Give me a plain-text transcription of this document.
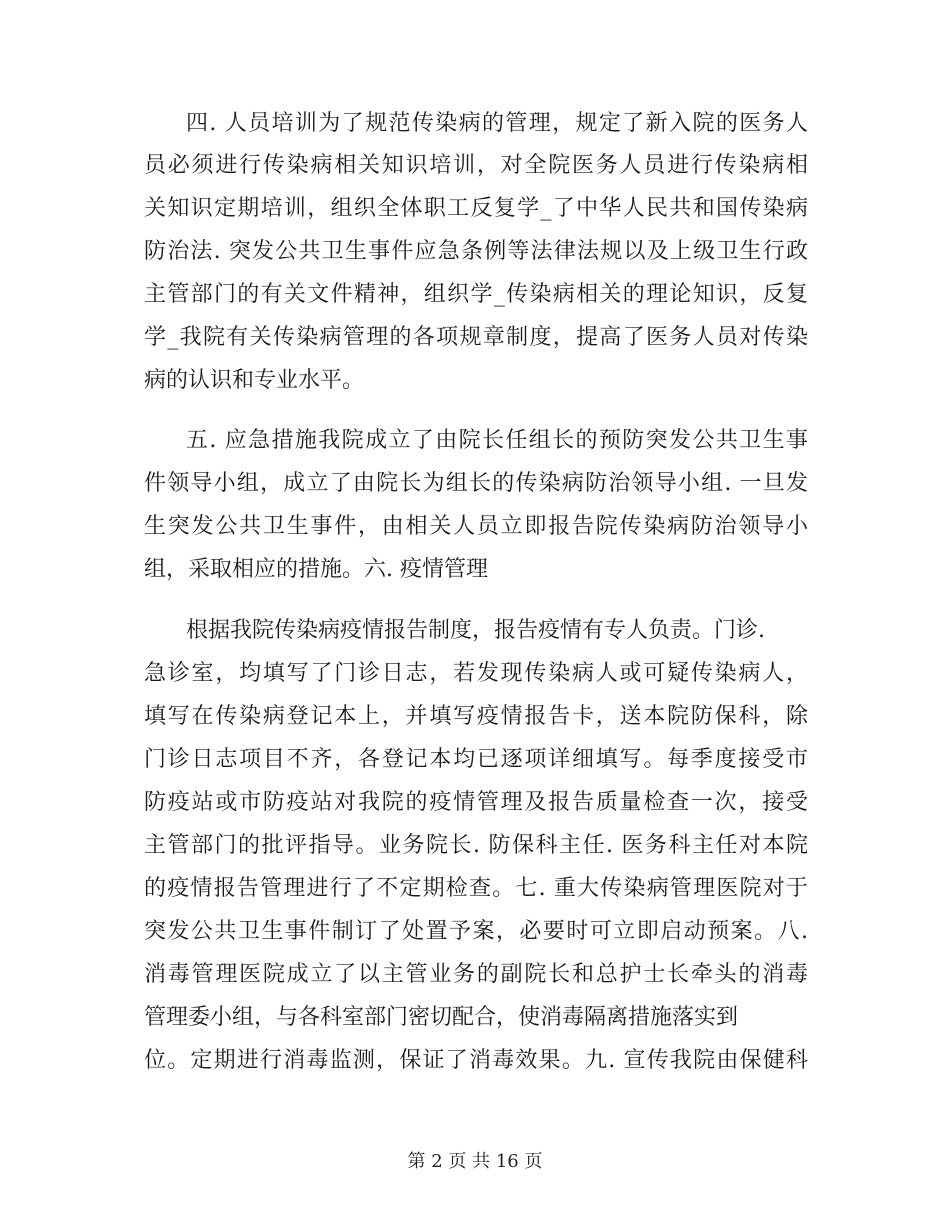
四. 人员培训为了规范传染病的管理，规定了新入院的医务人
员必须进行传染病相关知识培训，对全院医务人员进行传染病相
关知识定期培训，组织全体职工反复学_了中华人民共和国传染病
防治法. 突发公共卫生事件应急条例等法律法规以及上级卫生行政
主管部门的有关文件精神，组织学_传染病相关的理论知识，反复
学_我院有关传染病管理的各项规章制度，提高了医务人员对传染
病的认识和专业水平。
五. 应急措施我院成立了由院长任组长的预防突发公共卫生事
件领导小组，成立了由院长为组长的传染病防治领导小组. 一旦发
生突发公共卫生事件，由相关人员立即报告院传染病防治领导小
组，采取相应的措施。六. 疫情管理
根据我院传染病疫情报告制度，报告疫情有专人负责。门诊.
急诊室，均填写了门诊日志，若发现传染病人或可疑传染病人，
填写在传染病登记本上，并填写疫情报告卡，送本院防保科，除
门诊日志项目不齐，各登记本均已逐项详细填写。每季度接受市
防疫站或市防疫站对我院的疫情管理及报告质量检查一次，接受
主管部门的批评指导。业务院长. 防保科主任. 医务科主任对本院
的疫情报告管理进行了不定期检查。七. 重大传染病管理医院对于
突发公共卫生事件制订了处置予案，必要时可立即启动预案。八.
消毒管理医院成立了以主管业务的副院长和总护士长牵头的消毒
管理委小组，与各科室部门密切配合，使消毒隔离措施落实到
位。定期进行消毒监测，保证了消毒效果。九. 宣传我院由保健科
第 2 页 共 16 页
